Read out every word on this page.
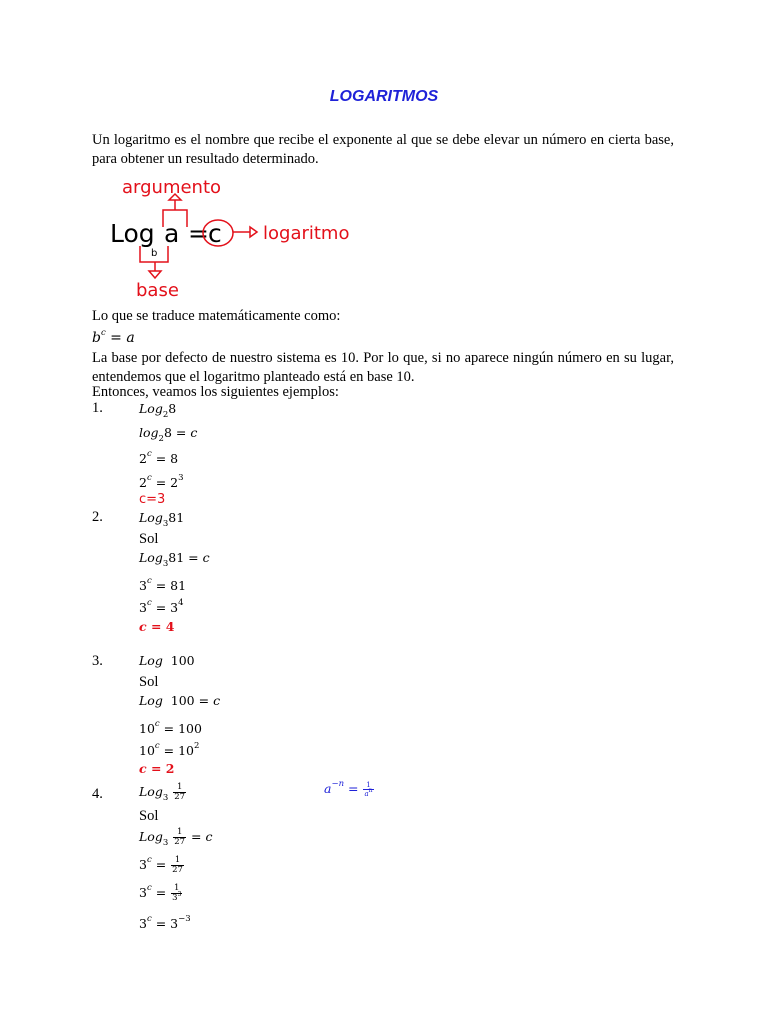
LOGARITMOS
Un logaritmo es el nombre que recibe el exponente al que se debe elevar un número en cierta base, para obtener un resultado determinado.
argumento
Log a = c logaritmo
b
base
Lo que se traduce matemáticamente como:
$b^c = a$
La base por defecto de nuestro sistema es 10. Por lo que, si no aparece ningún número en su lugar, entendemos que el logaritmo planteado está en base 10.
Entonces, veamos los siguientes ejemplos:
1.	Log$_2$8
$\log_28 = c$
$2^c = 8$
$2^c = 2^3$
c=3
2.	Log$_3$81
Sol
Log$_3$81 = c
$3^c = 81$
$3^c = 3^4$
c = 4
3.	Log  100
Sol
Log  100 = c
$10^c = 100$
$10^c = 10^2$
c = 2
4.	$Log_3 \frac{1}{27}$	$a^{-n} = \frac{1}{a^n}$
Sol
$Log_3 \frac{1}{27} = c$
$3^c = \frac{1}{27}$
$3^c = \frac{1}{3^3}$
$3^c = 3^{-3}$
